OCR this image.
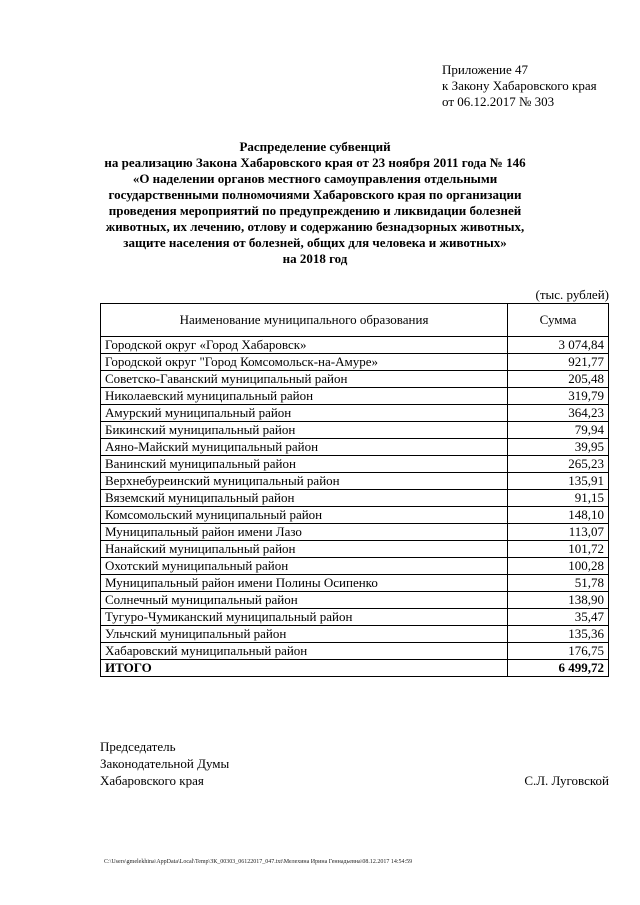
Приложение 47
к Закону Хабаровского края
от 06.12.2017 № 303
Распределение субвенций
на реализацию Закона Хабаровского края от 23 ноября 2011 года № 146
«О наделении органов местного самоуправления отдельными
государственными полномочиями Хабаровского края по организации
проведения мероприятий по предупреждению и ликвидации болезней
животных, их лечению, отлову и содержанию безнадзорных животных,
защите населения от болезней, общих для человека и животных»
на 2018 год
(тыс. рублей)
Наименование муниципального образования	Сумма
Городской округ «Город Хабаровск»	3 074,84
Городской округ "Город Комсомольск-на-Амуре»	921,77
Советско-Гаванский муниципальный район	205,48
Николаевский муниципальный район	319,79
Амурский муниципальный район	364,23
Бикинский муниципальный район	79,94
Аяно-Майский муниципальный район	39,95
Ванинский муниципальный район	265,23
Верхнебуреинский муниципальный район	135,91
Вяземский муниципальный район	91,15
Комсомольский муниципальный район	148,10
Муниципальный район имени Лазо	113,07
Нанайский муниципальный район	101,72
Охотский муниципальный район	100,28
Муниципальный район имени Полины Осипенко	51,78
Солнечный муниципальный район	138,90
Тугуро-Чумиканский муниципальный район	35,47
Ульчский муниципальный район	135,36
Хабаровский муниципальный район	176,75
ИТОГО	6 499,72
Председатель
Законодательной Думы
Хабаровского края	С.Л. Луговской
C:\Users\gmelekhina\AppData\Local\Temp\ЗК_00303_06122017_047.txt\Мелехина Ирина Геннадьевна\08.12.2017 14:54:59
